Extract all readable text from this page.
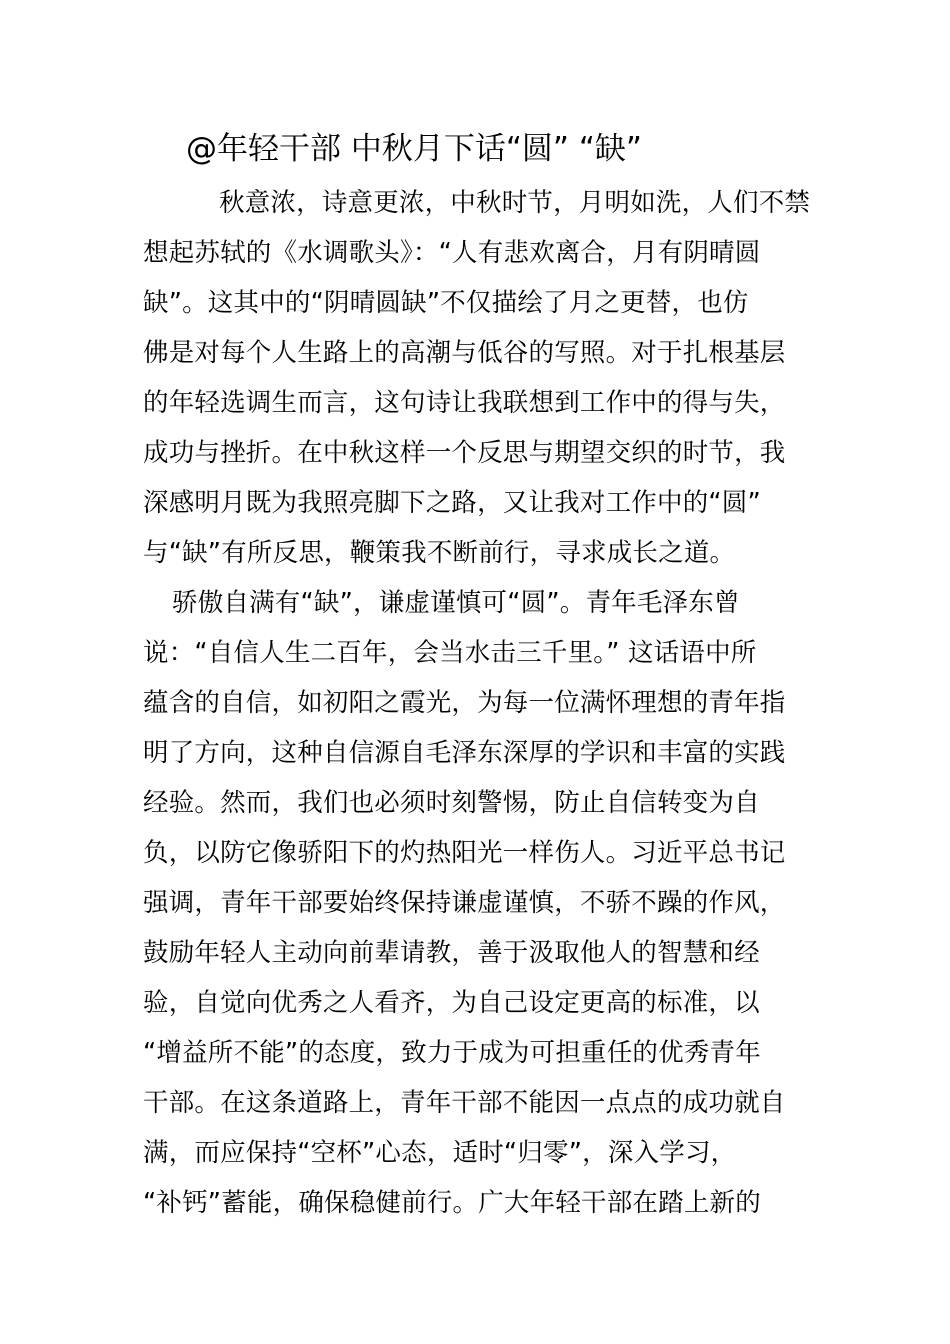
@年轻干部 中秋月下话“圆” “缺”
秋意浓，诗意更浓，中秋时节，月明如洗，人们不禁
想起苏轼的《水调歌头》：“人有悲欢离合，月有阴晴圆
缺”。这其中的“阴晴圆缺”不仅描绘了月之更替，也仿
佛是对每个人生路上的高潮与低谷的写照。对于扎根基层
的年轻选调生而言，这句诗让我联想到工作中的得与失，
成功与挫折。在中秋这样一个反思与期望交织的时节，我
深感明月既为我照亮脚下之路，又让我对工作中的“圆”
与“缺”有所反思，鞭策我不断前行，寻求成长之道。
骄傲自满有“缺”，谦虚谨慎可“圆”。青年毛泽东曾
说：“自信人生二百年，会当水击三千里。” 这话语中所
蕴含的自信，如初阳之霞光，为每一位满怀理想的青年指
明了方向，这种自信源自毛泽东深厚的学识和丰富的实践
经验。然而，我们也必须时刻警惕，防止自信转变为自
负，以防它像骄阳下的灼热阳光一样伤人。习近平总书记
强调，青年干部要始终保持谦虚谨慎，不骄不躁的作风，
鼓励年轻人主动向前辈请教，善于汲取他人的智慧和经
验，自觉向优秀之人看齐，为自己设定更高的标准，以
“增益所不能”的态度，致力于成为可担重任的优秀青年
干部。在这条道路上，青年干部不能因一点点的成功就自
满，而应保持“空杯”心态，适时“归零”，深入学习，
“补钙”蓄能，确保稳健前行。广大年轻干部在踏上新的
